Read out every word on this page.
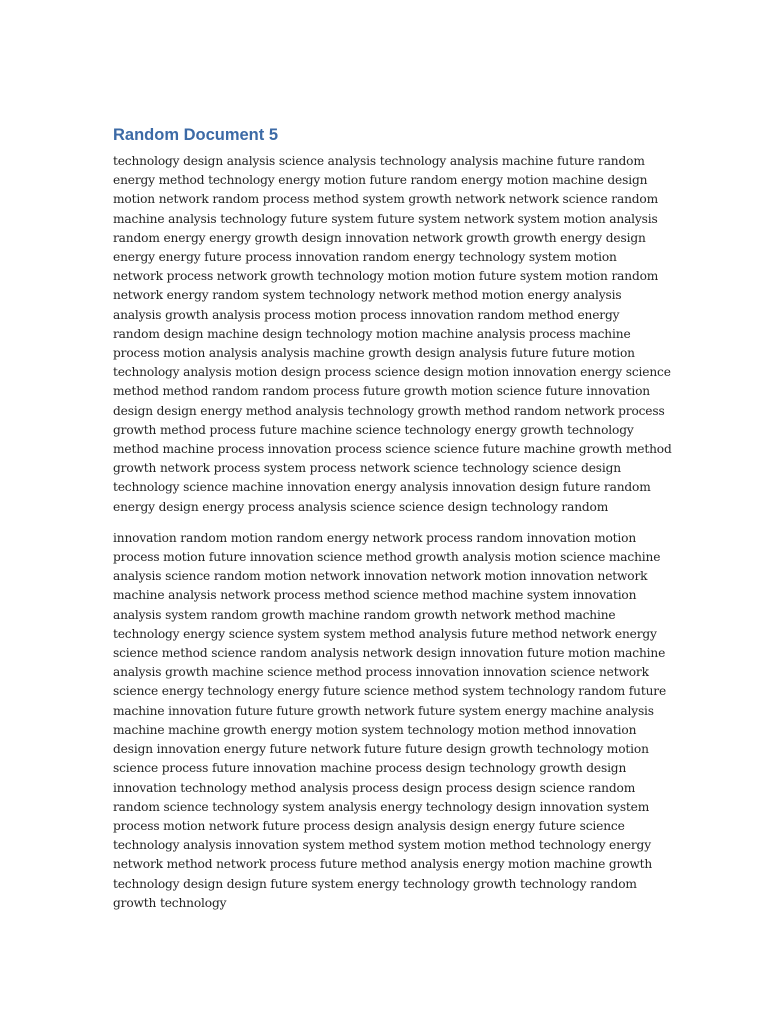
Random Document 5

technology design analysis science analysis technology analysis machine future random
energy method technology energy motion future random energy motion machine design
motion network random process method system growth network network science random
machine analysis technology future system future system network system motion analysis
random energy energy growth design innovation network growth growth energy design
energy energy future process innovation random energy technology system motion
network process network growth technology motion motion future system motion random
network energy random system technology network method motion energy analysis
analysis growth analysis process motion process innovation random method energy
random design machine design technology motion machine analysis process machine
process motion analysis analysis machine growth design analysis future future motion
technology analysis motion design process science design motion innovation energy science
method method random random process future growth motion science future innovation
design design energy method analysis technology growth method random network process
growth method process future machine science technology energy growth technology
method machine process innovation process science science future machine growth method
growth network process system process network science technology science design
technology science machine innovation energy analysis innovation design future random
energy design energy process analysis science science design technology random

innovation random motion random energy network process random innovation motion
process motion future innovation science method growth analysis motion science machine
analysis science random motion network innovation network motion innovation network
machine analysis network process method science method machine system innovation
analysis system random growth machine random growth network method machine
technology energy science system system method analysis future method network energy
science method science random analysis network design innovation future motion machine
analysis growth machine science method process innovation innovation science network
science energy technology energy future science method system technology random future
machine innovation future future growth network future system energy machine analysis
machine machine growth energy motion system technology motion method innovation
design innovation energy future network future future design growth technology motion
science process future innovation machine process design technology growth design
innovation technology method analysis process design process design science random
random science technology system analysis energy technology design innovation system
process motion network future process design analysis design energy future science
technology analysis innovation system method system motion method technology energy
network method network process future method analysis energy motion machine growth
technology design design future system energy technology growth technology random
growth technology
